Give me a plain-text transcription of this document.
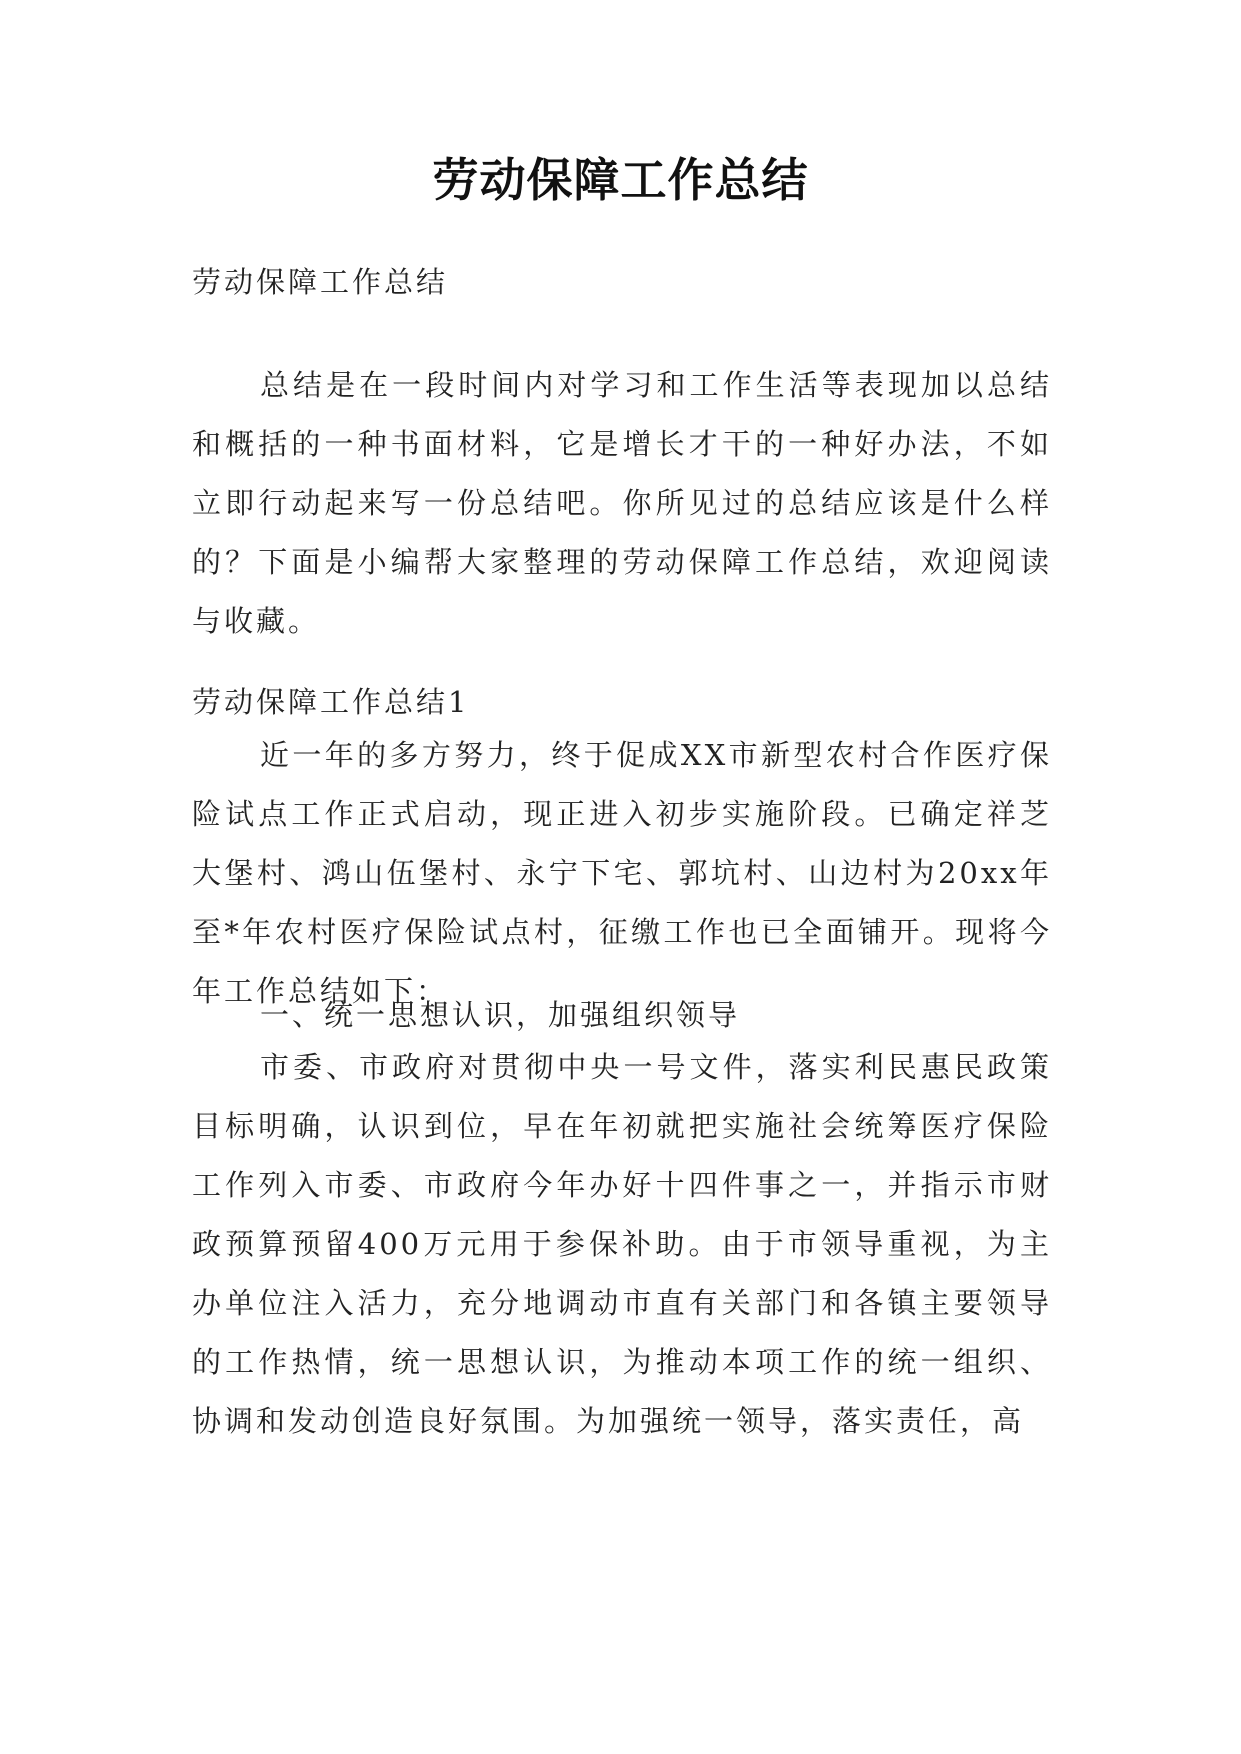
劳动保障工作总结
劳动保障工作总结

总结是在一段时间内对学习和工作生活等表现加以总结和概括的一种书面材料，它是增长才干的一种好办法，不如立即行动起来写一份总结吧。你所见过的总结应该是什么样的？下面是小编帮大家整理的劳动保障工作总结，欢迎阅读与收藏。

劳动保障工作总结1

近一年的多方努力，终于促成XX市新型农村合作医疗保险试点工作正式启动，现正进入初步实施阶段。已确定祥芝大堡村、鸿山伍堡村、永宁下宅、郭坑村、山边村为20xx年至*年农村医疗保险试点村，征缴工作也已全面铺开。现将今年工作总结如下：

一、统一思想认识，加强组织领导

市委、市政府对贯彻中央一号文件，落实利民惠民政策目标明确，认识到位，早在年初就把实施社会统筹医疗保险工作列入市委、市政府今年办好十四件事之一，并指示市财政预算预留400万元用于参保补助。由于市领导重视，为主办单位注入活力，充分地调动市直有关部门和各镇主要领导的工作热情，统一思想认识，为推动本项工作的统一组织、协调和发动创造良好氛围。为加强统一领导，落实责任，高
